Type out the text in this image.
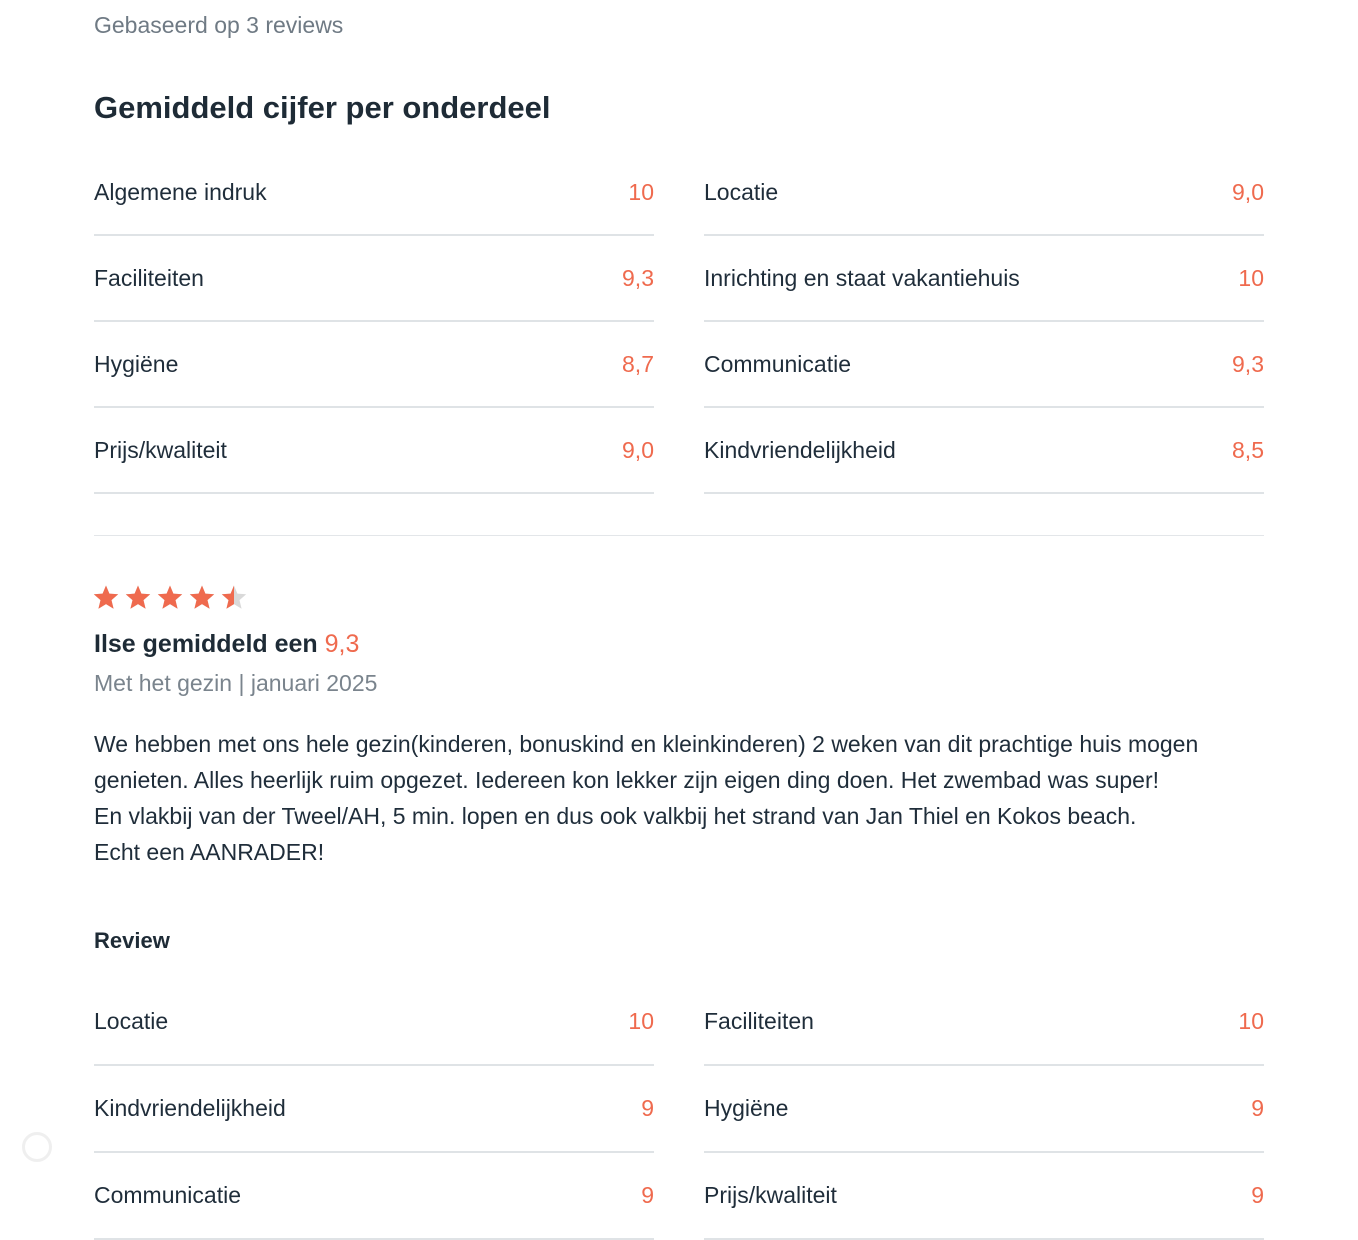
Gebaseerd op 3 reviews
Gemiddeld cijfer per onderdeel
Algemene indruk	10 Locatie	9,0
Faciliteiten	9,3 Inrichting en staat vakantiehuis	10
Hygiëne	8,7 Communicatie	9,3
Prijs/kwaliteit	9,0 Kindvriendelijkheid	8,5
Ilse gemiddeld een 9,3
Met het gezin | januari 2025

We hebben met ons hele gezin(kinderen, bonuskind en kleinkinderen) 2 weken van dit prachtige huis mogen genieten. Alles heerlijk ruim opgezet. Iedereen kon lekker zijn eigen ding doen. Het zwembad was super!

En vlakbij van der Tweel/AH, 5 min. lopen en dus ook valkbij het strand van Jan Thiel en Kokos beach.

Echt een AANRADER!

Review
Locatie	10 Faciliteiten	10
Kindvriendelijkheid	9 Hygiëne	9
Communicatie	9 Prijs/kwaliteit	9
